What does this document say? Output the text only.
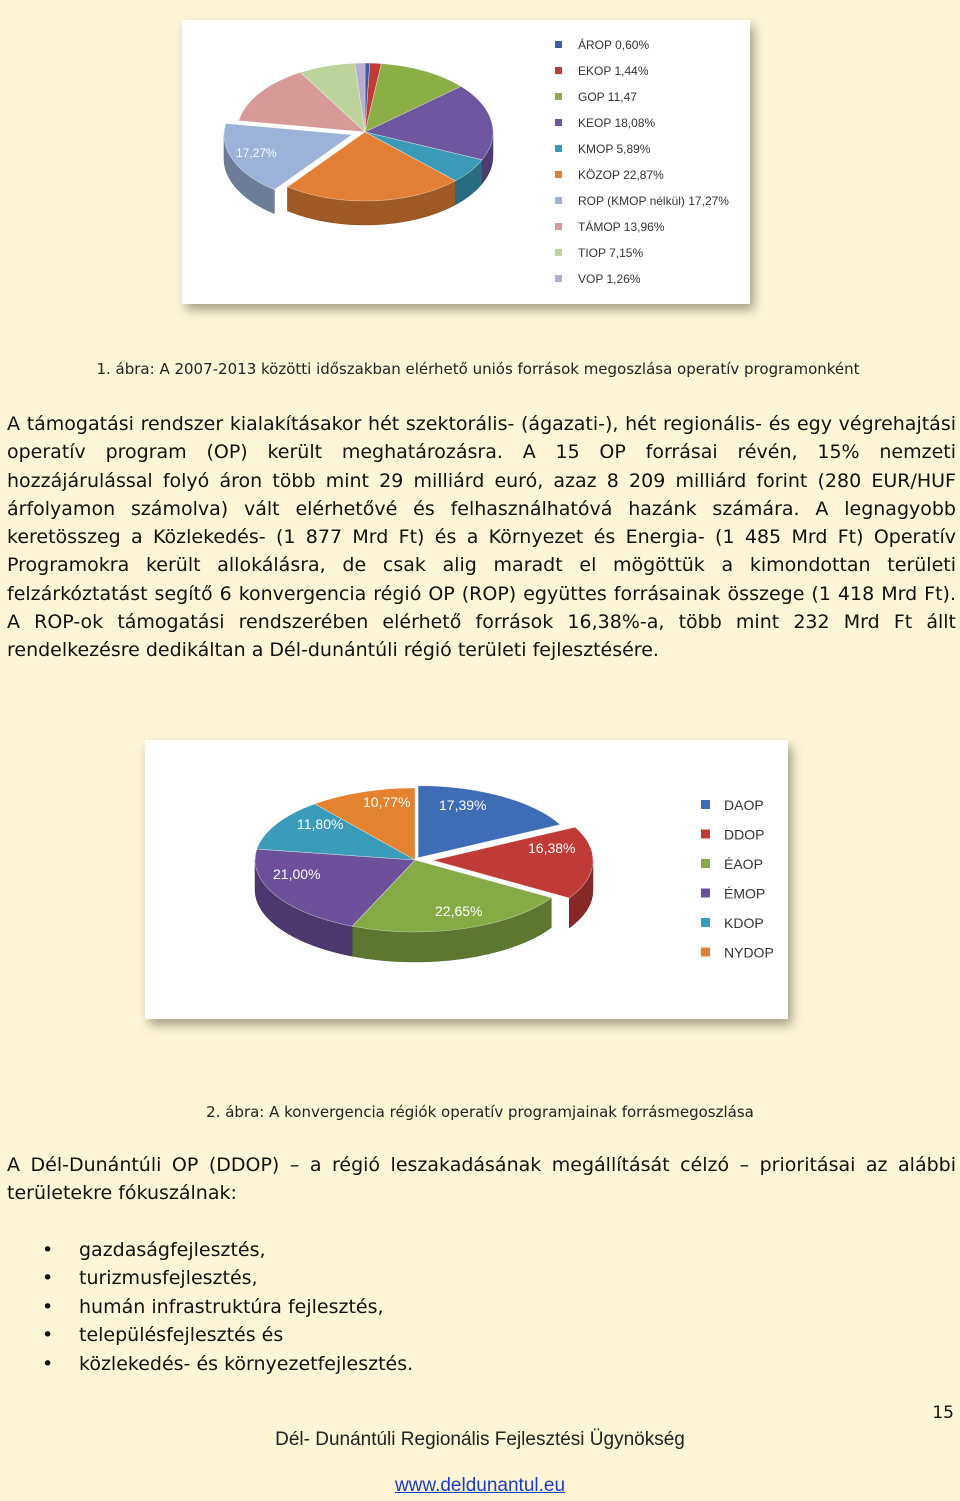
17,27%
ÁROP 0,60%
EKOP 1,44%
GOP 11,47
KEOP 18,08%
KMOP 5,89%
KÖZOP 22,87%
ROP (KMOP nélkül) 17,27%
TÁMOP 13,96%
TIOP 7,15%
VOP 1,26%
1. ábra: A 2007-2013 közötti időszakban elérhető uniós források megoszlása operatív programonként
A támogatási rendszer kialakításakor hét szektorális- (ágazati-), hét regionális- és egy végrehajtási operatív program (OP) került meghatározásra. A 15 OP forrásai révén, 15% nemzeti hozzájárulással folyó áron több mint 29 milliárd euró, azaz 8 209 milliárd forint (280 EUR/HUF árfolyamon számolva) vált elérhetővé és felhasználhatóvá hazánk számára. A legnagyobb keretösszeg a Közlekedés- (1 877 Mrd Ft) és a Környezet és Energia- (1 485 Mrd Ft) Operatív Programokra került allokálásra, de csak alig maradt el mögöttük a kimondottan területi felzárkóztatást segítő 6 konvergencia régió OP (ROP) együttes forrásainak összege (1 418 Mrd Ft). A ROP-ok támogatási rendszerében elérhető források 16,38%-a, több mint 232 Mrd Ft állt rendelkezésre dedikáltan a Dél-dunántúli régió területi fejlesztésére.
17,39%
16,38%
22,65%
21,00%
11,80%
10,77%	DAOP
DDOP
ÉAOP
ÉMOP
KDOP
NYDOP
2. ábra: A konvergencia régiók operatív programjainak forrásmegoszlása
A Dél-Dunántúli OP (DDOP) – a régió leszakadásának megállítását célzó – prioritásai az alábbi területekre fókuszálnak:
• gazdaságfejlesztés,
• turizmusfejlesztés,
• humán infrastruktúra fejlesztés,
• településfejlesztés és
• közlekedés- és környezetfejlesztés.
15
Dél- Dunántúli Regionális Fejlesztési Ügynökség
www.deldunantul.eu
